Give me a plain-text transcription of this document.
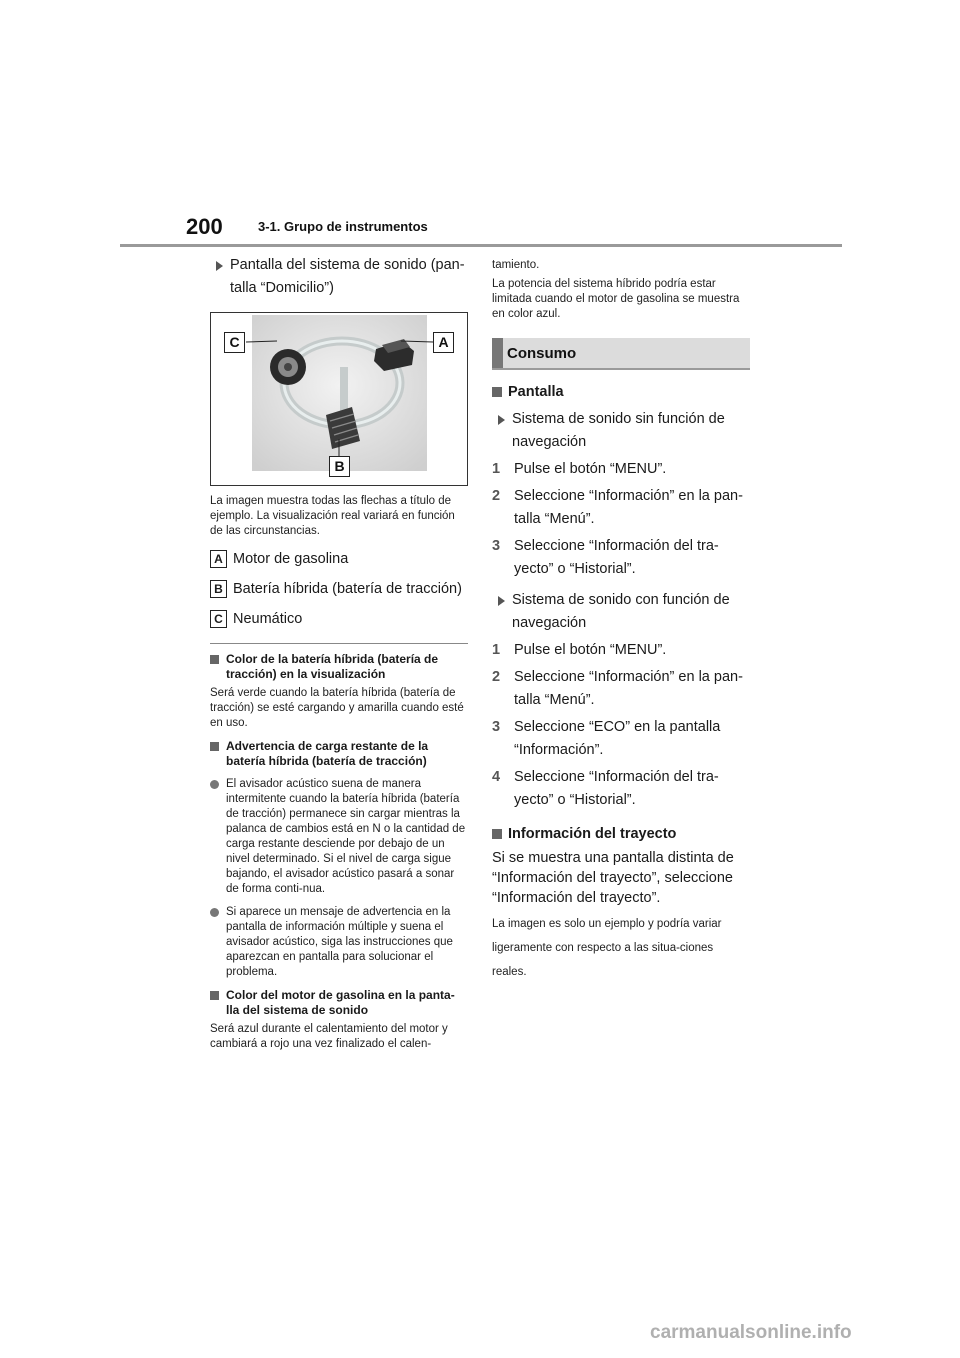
200	3-1. Grupo de instrumentos
Pantalla del sistema de sonido (pan-talla “Domicilio”)
C	A
B
La imagen muestra todas las flechas a título de ejemplo. La visualización real variará en función de las circunstancias.
A Motor de gasolina
B Batería híbrida (batería de tracción)
C Neumático
Color de la batería híbrida (batería de tracción) en la visualización
Será verde cuando la batería híbrida (batería de tracción) se esté cargando y amarilla cuando esté en uso.
Advertencia de carga restante de la batería híbrida (batería de tracción)
El avisador acústico suena de manera intermitente cuando la batería híbrida (batería de tracción) permanece sin cargar mientras la palanca de cambios está en N o la cantidad de carga restante desciende por debajo de un nivel determinado. Si el nivel de carga sigue bajando, el avisador acústico pasará a sonar de forma conti-nua.
Si aparece un mensaje de advertencia en la pantalla de información múltiple y suena el avisador acústico, siga las instrucciones que aparezcan en pantalla para solucionar el problema.
Color del motor de gasolina en la panta-lla del sistema de sonido
Será azul durante el calentamiento del motor y cambiará a rojo una vez finalizado el calen-
tamiento.
La potencia del sistema híbrido podría estar limitada cuando el motor de gasolina se muestra en color azul.
Consumo
Pantalla
Sistema de sonido sin función de navegación
1 Pulse el botón “MENU”.
2 Seleccione “Información” en la pan-talla “Menú”.
3 Seleccione “Información del tra-yecto” o “Historial”.
Sistema de sonido con función de navegación
1 Pulse el botón “MENU”.
2 Seleccione “Información” en la pan-talla “Menú”.
3 Seleccione “ECO” en la pantalla “Información”.
4 Seleccione “Información del tra-yecto” o “Historial”.
Información del trayecto
Si se muestra una pantalla distinta de “Información del trayecto”, seleccione “Información del trayecto”.
La imagen es solo un ejemplo y podría variar ligeramente con respecto a las situa-ciones reales.
carmanualsonline.info
